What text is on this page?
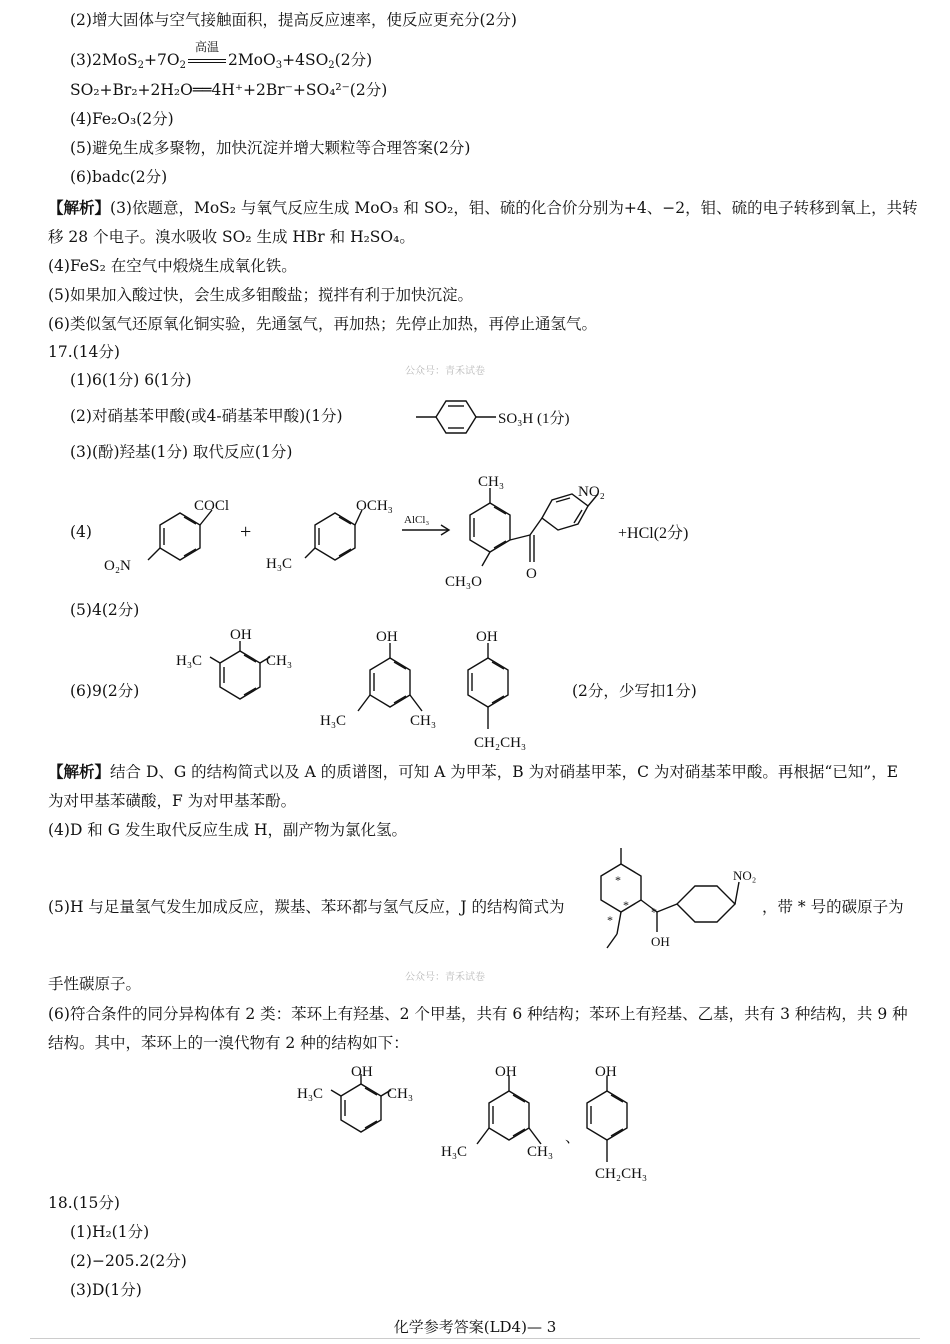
(2)增大固体与空气接触面积，提高反应速率，使反应更充分(2分)
$(3)2MoS_2+7O_2$
高温
$2MoO_3+4SO_2(2$分)
SO₂+Br₂+2H₂O══4H⁺+2Br⁻+SO₄²⁻(2分)
(4)Fe₂O₃(2分)
(5)避免生成多聚物，加快沉淀并增大颗粒等合理答案(2分)
(6)badc(2分)
【解析】(3)依题意，MoS₂ 与氧气反应生成 MoO₃ 和 SO₂，钼、硫的化合价分别为+4、−2，钼、硫的电子转移到氧上，共转
移 28 个电子。溴水吸收 SO₂ 生成 HBr 和 H₂SO₄。
(4)FeS₂ 在空气中煅烧生成氧化铁。
(5)如果加入酸过快，会生成多钼酸盐；搅拌有利于加快沉淀。
(6)类似氢气还原氧化铜实验，先通氢气，再加热；先停止加热，再停止通氢气。
17.(14分)
公众号：青禾试卷
(1)6(1分) 6(1分)
(2)对硝基苯甲酸(或4-硝基苯甲酸)(1分)	SO₃H (1分)
(3)(酚)羟基(1分) 取代反应(1分)
(4)
COCl
O₂N
+
OCH₃
H₃C
AlCl₃
CH₃
NO₂
CH₃O	O
+HCl(2分)
(5)4(2分)
(6)9(2分)
OH
H₃C	CH₃
OH
H₃C	CH₃
OH
CH₂CH₃
(2分，少写扣1分)
【解析】结合 D、G 的结构简式以及 A 的质谱图，可知 A 为甲苯，B 为对硝基甲苯，C 为对硝基苯甲酸。再根据“已知”，E
为对甲基苯磺酸，F 为对甲基苯酚。
(4)D 和 G 发生取代反应生成 H，副产物为氯化氢。
(5)H 与足量氢气发生加成反应，羰基、苯环都与氢气反应，J 的结构简式为
*
*
*
*
NO₂
OH
，带 * 号的碳原子为
公众号：青禾试卷
手性碳原子。
(6)符合条件的同分异构体有 2 类：苯环上有羟基、2 个甲基，共有 6 种结构；苯环上有羟基、乙基，共有 3 种结构，共 9 种
结构。其中，苯环上的一溴代物有 2 种的结构如下：
OH
H₃C	CH₃
OH
H₃C	CH₃
、
OH
CH₂CH₃
18.(15分)
(1)H₂(1分)
(2)−205.2(2分)
(3)D(1分)
化学参考答案(LD4)— 3
